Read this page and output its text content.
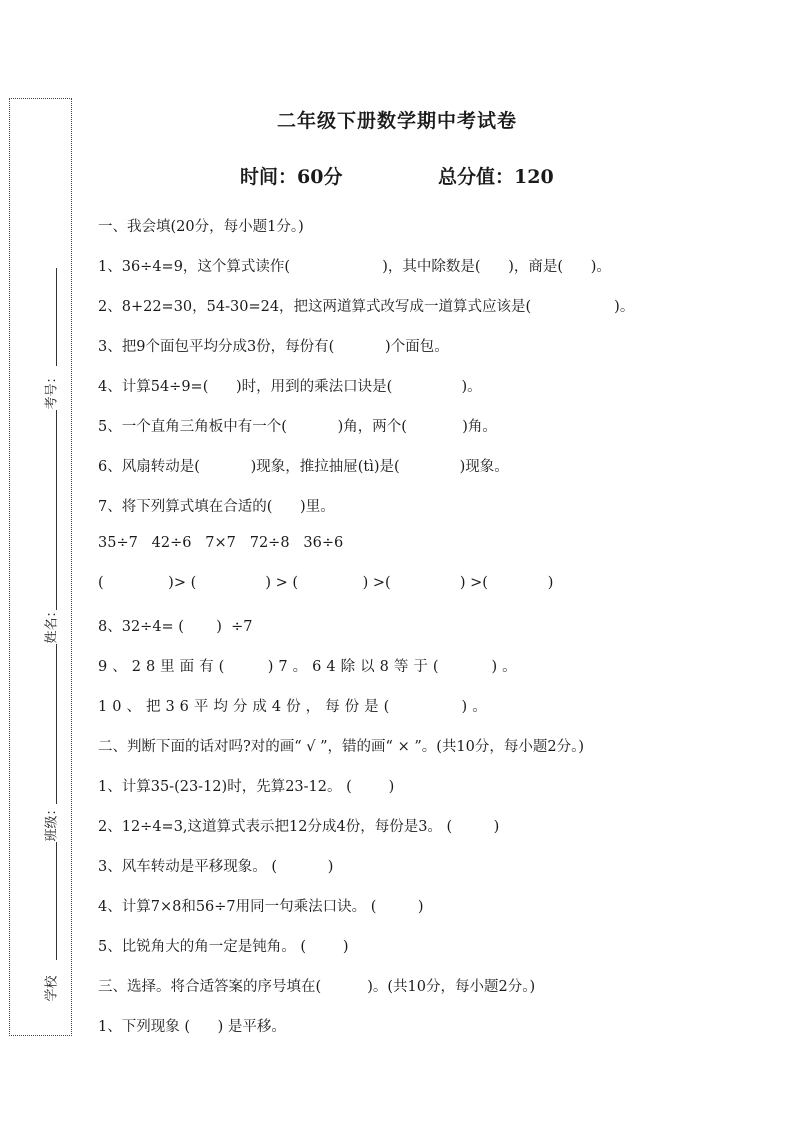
考号：
姓名：
班级：
学校
二年级下册数学期中考试卷
时间：60分	总分值：120
一、我会填(20分，每小题1分。)
1、36÷4=9，这个算式读作(                    )，其中除数是(      )，商是(      )。
2、8+22=30，54-30=24，把这两道算式改写成一道算式应该是(                  )。
3、把9个面包平均分成3份，每份有(           )个面包。
4、计算54÷9=(      )时，用到的乘法口诀是(               )。
5、一个直角三角板中有一个(           )角，两个(            )角。
6、风扇转动是(           )现象，推拉抽屉(tì)是(             )现象。
7、将下列算式填在合适的(      )里。
35÷7   42÷6   7×7   72÷8   36÷6
(              )> (               ) > (              ) >(               ) >(             )
8、32÷4= (       )  ÷7
9、28里面有(    )7。64除以8等于(     )。
10、把36平均分成4份，每份是(       )。
二、判断下面的话对吗?对的画“ √ ”，错的画“ × ”。(共10分，每小题2分。)
1、计算35-(23-12)时，先算23-12。 (        )
2、12÷4=3,这道算式表示把12分成4份，每份是3。 (         )
3、风车转动是平移现象。 (           )
4、计算7×8和56÷7用同一句乘法口诀。 (         )
5、比锐角大的角一定是钝角。 (        )
三、选择。将合适答案的序号填在(          )。(共10分，每小题2分。)
1、下列现象 (      ) 是平移。
